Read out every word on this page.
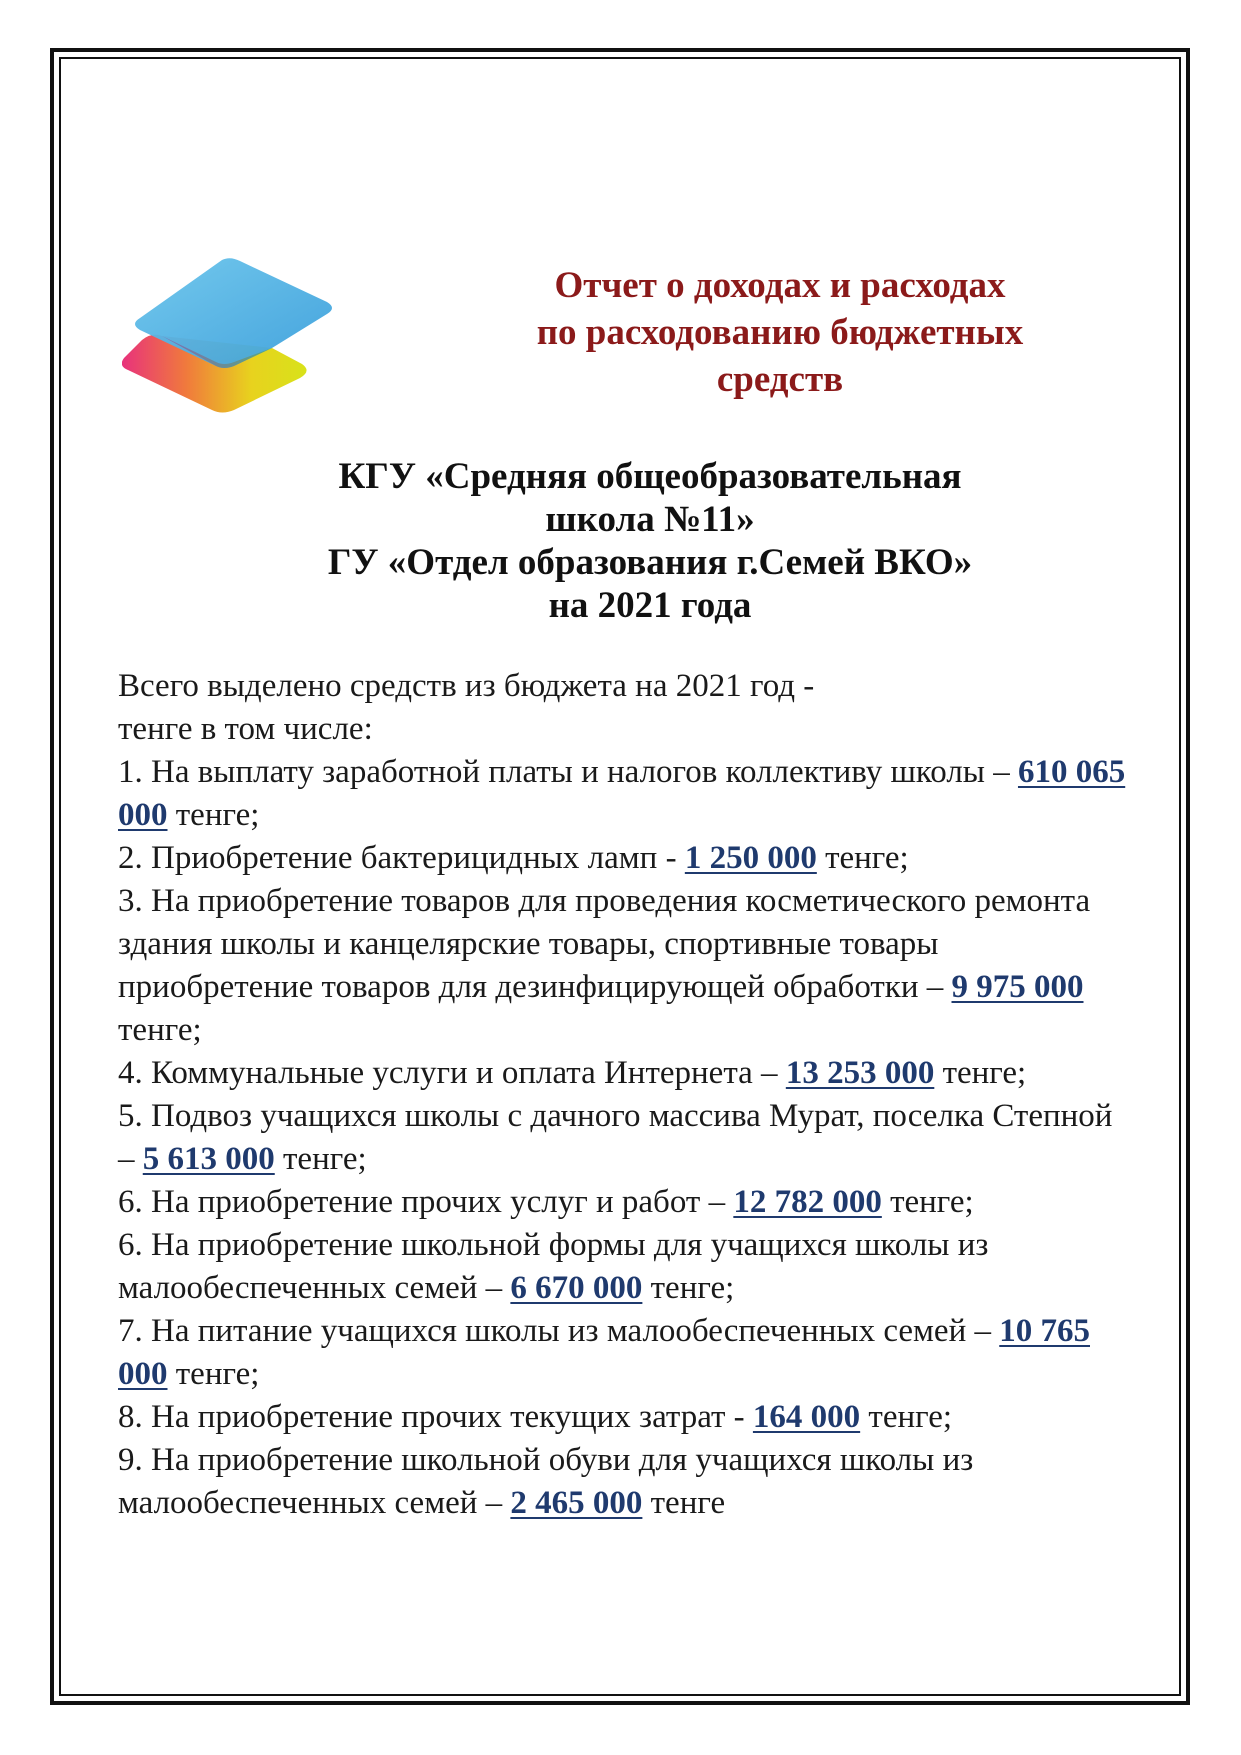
Отчет о доходах и расходах
по расходованию бюджетных
средств
КГУ «Средняя общеобразовательная
школа №11»
ГУ «Отдел образования г.Семей ВКО»
на 2021 года

Всего выделено средств из бюджета на 2021 год -

тенге в том числе:

1. На выплату заработной платы и налогов коллективу школы – 610 065 000 тенге;

2. Приобретение бактерицидных ламп - 1 250 000 тенге;

3. На приобретение товаров для проведения косметического ремонта здания школы и канцелярские товары, спортивные товары приобретение товаров для дезинфицирующей обработки – 9 975 000 тенге;

4. Коммунальные услуги и оплата Интернета – 13 253 000 тенге;

5. Подвоз учащихся школы с дачного массива Мурат, поселка Степной – 5 613 000 тенге;

6. На приобретение прочих услуг и работ – 12 782 000 тенге;

6. На приобретение школьной формы для учащихся школы из малообеспеченных семей – 6 670 000 тенге;

7. На питание учащихся школы из малообеспеченных семей – 10 765 000 тенге;

8. На приобретение прочих текущих затрат - 164 000 тенге;

9. На приобретение школьной обуви для учащихся школы из малообеспеченных семей – 2 465 000 тенге
